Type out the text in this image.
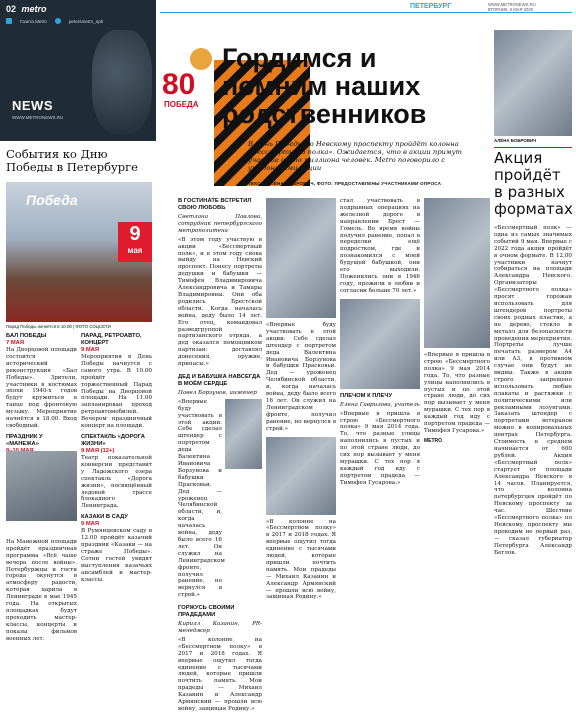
02 metro
Газета Metro	petersmetro_spb
NEWS
WWW.METRONEWS.RU
События ко Дню Победы в Петербурге
Победа
9
мая
Парад Победы начнётся в 10.00 | ФОТО СОЦСЕТИ
БАЛ ПОБЕДЫ
7 МАЯ
На Дворцовой площади состоится исторический реконструкция «Бал Победы». Зрители, участники в костюмах эпохи 1940-х годов будут кружиться в танце под фронтовую музыку. Мероприятие начнётся в 18.00. Вход свободный.
ПРАЗДНИК У «МАНЕЖА»
На Манежной площади пройдёт праздничная программа «Всё чаще вечера после войны». Петербуржцы и гости города окунутся в атмосферу радости, которая царила в Ленинграде в мае 1945 года. На открытых площадках будут проходить мастер-классы, концерты и показы фильмов военных лет.
ПАРАД, РЕТРОАВТО, КОНЦЕРТ
9 МАЯ
Мероприятия в День Победы начнутся с самого утра. В 10.00 пройдёт торжественный Парад Победы на Дворцовой площади. На 11.00 запланирован проход ретроавтомобилей. Вечером праздничный концерт на площади.
СПЕКТАКЛЬ «ДОРОГА ЖИЗНИ»
9 МАЯ (12+)
Театр показательной конверсии представит у Ладожского озера спектакль «Дорога жизни», посвящённый ледовой трассе блокадного Ленинграда.
КАЗАКИ В САДУ
9 МАЯ
В Румянцевском саду в 12.00 пройдёт казачий праздник «Казаки — на страже Победы». Сотни гостей увидят выступления казачьих ансамблей и мастер-классы.
ПЕТЕРБУРГ	WWW.METRONEWS.RU
ВТОРНИК, 6 МАЯ 2025
80
ПОБЕДА
Гордимся и помним наших родственников
АЛЁНА БОБРОВИЧ
В День Победы по Невскому проспекту пройдёт колонна «Бессмертного полка». Ожидается, что в акции примут участие около миллиона человек. Metro поговорило с участниками акции
ТЕКСТ: АЛЁНА БОБРОВИЧ, ФОТО: ПРЕДОСТАВЛЕНЫ УЧАСТНИКАМИ ОПРОСА
В ГОСТИНАТЕ ВСТРЕТИЛ СВОЮ ЛЮБОВЬ
Светлана Павлова, сотрудник петербургского метрополитена
«В этом году участвую в акции «Бессмертный полк», и в этом году снова выйду на Невский проспект. Понесу портреты дедушки и бабушки — Тимофея Владимировича Александровича и Тамары Владимировны. Они оба родились Брестской области. Когда началась война, деду было 14 лет. Его отец, командовал разведгруппой партизанского отряда, а дед оказался помощником партизан: доставлял донесения, оружие, припасы.»
ДЕД И БАБУШКА НАВСЕГДА В МОЁМ СЕРДЦЕ
Павел Борзунов, инженер
«Впервые буду участвовать в этой акции. Себе сделал штендер с портретом деда Валентина Ивановича Борзунова и бабушки Прасковьи. Дед — уроженец Челябинской области, и, когда началась война, деду было всего 16 лет. Он служил на Ленинградском фронте, получил ранение, но вернулся в строй.»
ГОРЖУСЬ СВОИМИ ПРАДЕДАМИ
Кирилл Казанин, PR-менеджер
«В колонне на «Бессмертном полку» в 2017 и 2018 годах. Я впервые ощутил тогда единение с тысячами людей, которые пришли почтить память. Мои прадеды — Михаил Казанин и Александр Армянский — прошли всю войну, защищая Родину.»
«Впервые буду участвовать в этой акции. Себе сделал штендер с портретом деда Валентина Ивановича Борзунова и бабушки Прасковьи. Дед — уроженец Челябинской области, и, когда началась война, деду было всего 16 лет. Он служил на Ленинградском фронте, получил ранение, но вернулся в строй.»
«В колонне на «Бессмертном полку» в 2017 и 2018 годах. Я впервые ощутил тогда единение с тысячами людей, которые пришли почтить память. Мои прадеды — Михаил Казанин и Александр Армянский — прошли всю войну, защищая Родину.»
стал участвовать в подрывных операциях на железной дороге в направлении Брест — Гомель. Во время войны получил ранение, попал в переделки ещё подростком, где и познакомился с моей будущей бабушкой, они его выходили. Поженились они в 1946 году, прожили в любви и согласии больше 70 лет.»
ПЛЕЧОМ К ПЛЕЧУ
Елена Гаврилова, учитель
«Впервые я пришла в строю «Бессмертного полка» 9 мая 2014 года. То, что разные улицы наполнились в пустых и по этой стране люди, до сих пор вызывает у меня мурашки. С тех пор я каждый год иду с портретом прадеда — Тимофея Гусарова.»
«Впервые я пришла в строю «Бессмертного полка» 9 мая 2014 года. То, что разные улицы наполнились в пустых и по этой стране люди, до сих пор вызывает у меня мурашки. С тех пор я каждый год иду с портретом прадеда — Тимофея Гусарова.»
METRO
Акция пройдёт в разных форматах
«Бессмертный полк» — одна из самых значимых событий 9 мая. Впервые с 2022 года акция пройдёт в очном формате. В 12.00 участники начнут собираться на площади Александра Невского. Организаторы «Бессмертного полка» просят горожан использовать для штендеров портреты своих родных пластик, а не дерево, стекло и металл для безопасности проведения мероприятия. Портреты лучше печатать размером А4 или А3, в противном случае они будут не видны. Также в акции строго запрещено использовать любые плакаты и растяжки с политическими или рекламными лозунгами. Заказать штендер с портретами ветеранов можно в копировальных центрах Петербурга. Стоимость в среднем начинается от 600 рублей. Акция «Бессмертный полк» стартует от площади Александра Невского в 14 часов. Планируется, что колонна петербургцев пройдёт по Невскому проспекту за час. Шествие «Бессмертного полка» по Невскому проспекту мы проводим не первый раз, — сказал губернатор Петербурга Александр Беглов.
